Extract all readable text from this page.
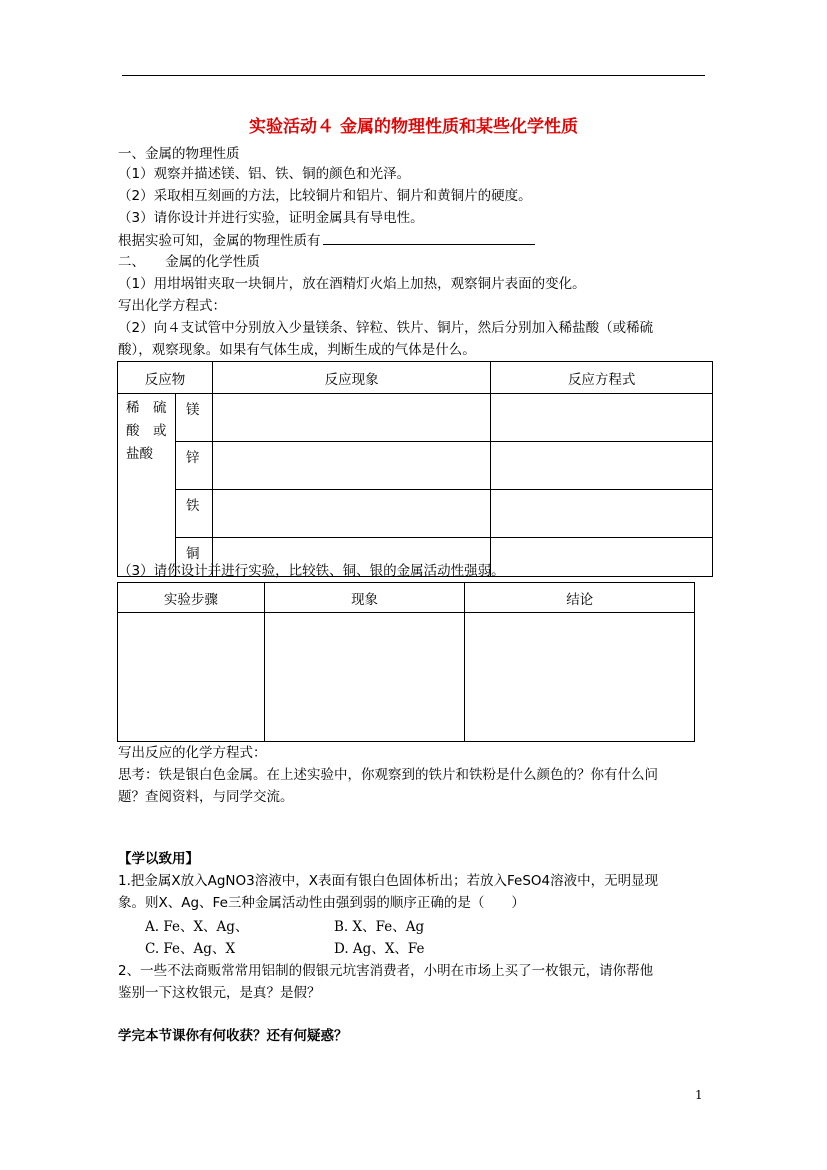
实验活动４ 金属的物理性质和某些化学性质
一、金属的物理性质
（1）观察并描述镁、铝、铁、铜的颜色和光泽。
（2）采取相互刻画的方法，比较铜片和铝片、铜片和黄铜片的硬度。
（3）请你设计并进行实验，证明金属具有导电性。
根据实验可知，金属的物理性质有
二、　　金属的化学性质
（1）用坩埚钳夹取一块铜片，放在酒精灯火焰上加热，观察铜片表面的变化。
写出化学方程式：
（2）向４支试管中分别放入少量镁条、锌粒、铁片、铜片，然后分别加入稀盐酸（或稀硫
酸），观察现象。如果有气体生成，判断生成的气体是什么。
反应物		反应现象	反应方程式

稀　硫
酸　或
盐酸	镁		
	锌		
	铁		
	铜		
（3）请你设计并进行实验，比较铁、铜、银的金属活动性强弱。
实验步骤	现象	结论

写出反应的化学方程式：
思考：铁是银白色金属。在上述实验中，你观察到的铁片和铁粉是什么颜色的？你有什么问
题？查阅资料，与同学交流。
【学以致用】
1.把金属X放入AgNO3溶液中，X表面有银白色固体析出；若放入FeSO4溶液中，无明显现
象。则X、Ag、Fe三种金属活动性由强到弱的顺序正确的是（　　）
A. Fe、X、Ag、	B. X、Fe、Ag
C. Fe、Ag、X	D. Ag、X、Fe
2、一些不法商贩常常用铝制的假银元坑害消费者，小明在市场上买了一枚银元，请你帮他
鉴别一下这枚银元，是真？是假？
学完本节课你有何收获？还有何疑惑？
1
